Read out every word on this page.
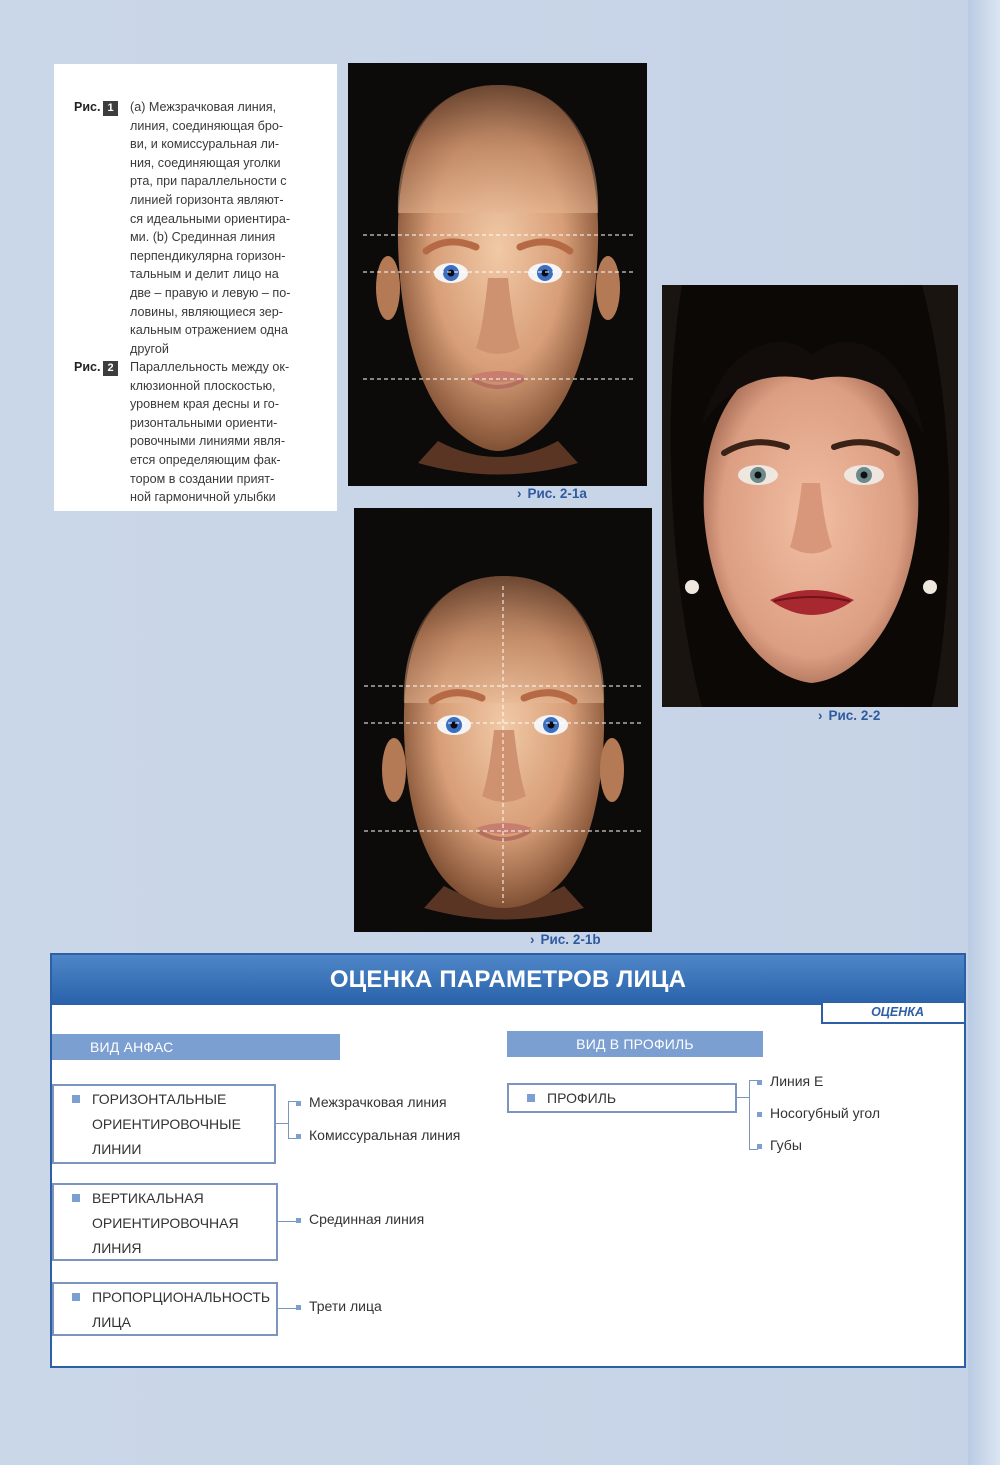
Рис. 1	(a) Межзрачковая линия,
линия, соединяющая бро-
ви, и комиссуральная ли-
ния, соединяющая уголки
рта, при параллельности с
линией горизонта являют-
ся идеальными ориентира-
ми. (b) Срединная линия
перпендикулярна горизон-
тальным и делит лицо на
две – правую и левую – по-
ловины, являющиеся зер-
кальным отражением одна
другой
Рис. 2	Параллельность между ок-
клюзионной плоскостью,
уровнем края десны и го-
ризонтальными ориенти-
ровочными линиями явля-
ется определяющим фак-
тором в создании прият-
ной гармоничной улыбки	› Рис. 2-1a
› Рис. 2-2
› Рис. 2-1b
ОЦЕНКА ПАРАМЕТРОВ ЛИЦА
ОЦЕНКА
ВИД АНФАС
ГОРИЗОНТАЛЬНЫЕ
ОРИЕНТИРОВОЧНЫЕ
ЛИНИИ
Межзрачковая линия
Комиссуральная линия
ВЕРТИКАЛЬНАЯ
ОРИЕНТИРОВОЧНАЯ
ЛИНИЯ
Срединная линия
ПРОПОРЦИОНАЛЬНОСТЬ
ЛИЦА
Трети лица
ВИД В ПРОФИЛЬ
ПРОФИЛЬ
Линия Е
Носогубный угол
Губы
